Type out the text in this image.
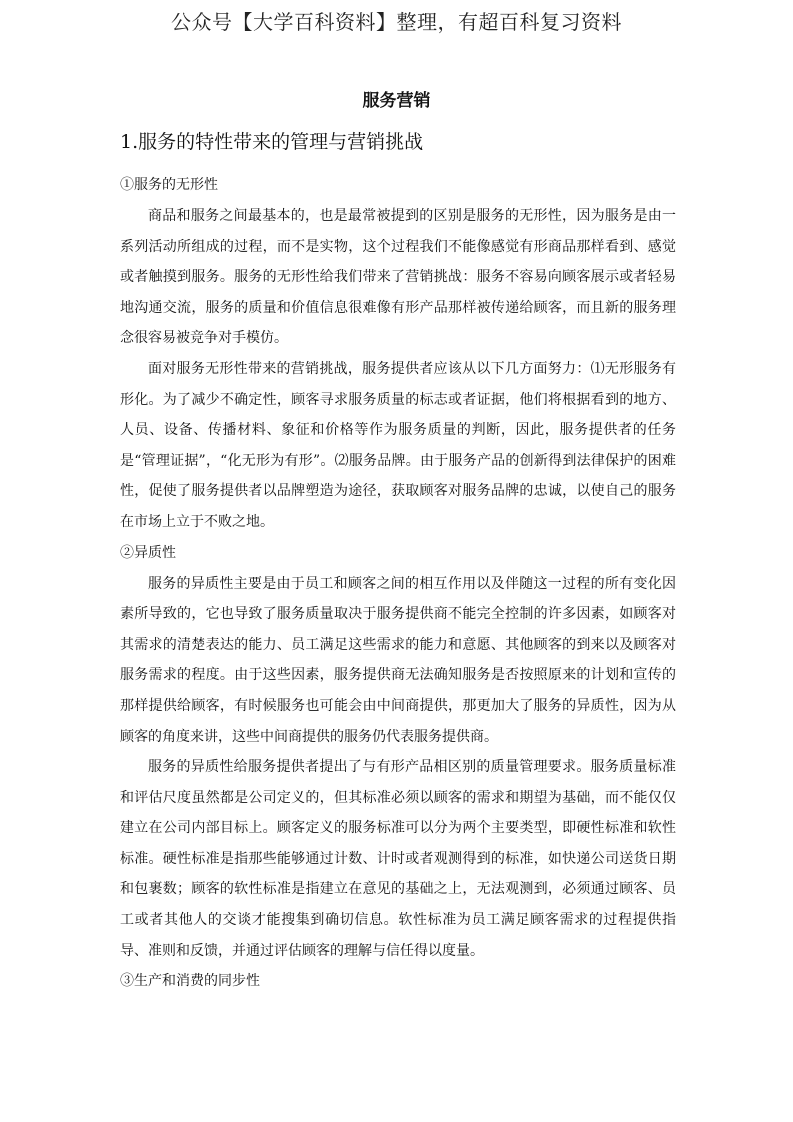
公众号【大学百科资料】整理，有超百科复习资料
服务营销
1.服务的特性带来的管理与营销挑战

①服务的无形性

商品和服务之间最基本的，也是最常被提到的区别是服务的无形性，因为服务是由一系列活动所组成的过程，而不是实物，这个过程我们不能像感觉有形商品那样看到、感觉或者触摸到服务。服务的无形性给我们带来了营销挑战：服务不容易向顾客展示或者轻易地沟通交流，服务的质量和价值信息很难像有形产品那样被传递给顾客，而且新的服务理念很容易被竞争对手模仿。

面对服务无形性带来的营销挑战，服务提供者应该从以下几方面努力：⑴无形服务有形化。为了减少不确定性，顾客寻求服务质量的标志或者证据，他们将根据看到的地方、人员、设备、传播材料、象征和价格等作为服务质量的判断，因此，服务提供者的任务是“管理证据”，“化无形为有形”。⑵服务品牌。由于服务产品的创新得到法律保护的困难性，促使了服务提供者以品牌塑造为途径，获取顾客对服务品牌的忠诚，以使自己的服务在市场上立于不败之地。

②异质性

服务的异质性主要是由于员工和顾客之间的相互作用以及伴随这一过程的所有变化因素所导致的，它也导致了服务质量取决于服务提供商不能完全控制的许多因素，如顾客对其需求的清楚表达的能力、员工满足这些需求的能力和意愿、其他顾客的到来以及顾客对服务需求的程度。由于这些因素，服务提供商无法确知服务是否按照原来的计划和宣传的那样提供给顾客，有时候服务也可能会由中间商提供，那更加大了服务的异质性，因为从顾客的角度来讲，这些中间商提供的服务仍代表服务提供商。

服务的异质性给服务提供者提出了与有形产品相区别的质量管理要求。服务质量标准和评估尺度虽然都是公司定义的，但其标准必须以顾客的需求和期望为基础，而不能仅仅建立在公司内部目标上。顾客定义的服务标准可以分为两个主要类型，即硬性标准和软性标准。硬性标准是指那些能够通过计数、计时或者观测得到的标准，如快递公司送货日期和包裹数；顾客的软性标准是指建立在意见的基础之上，无法观测到，必须通过顾客、员工或者其他人的交谈才能搜集到确切信息。软性标准为员工满足顾客需求的过程提供指导、准则和反馈，并通过评估顾客的理解与信任得以度量。

③生产和消费的同步性
